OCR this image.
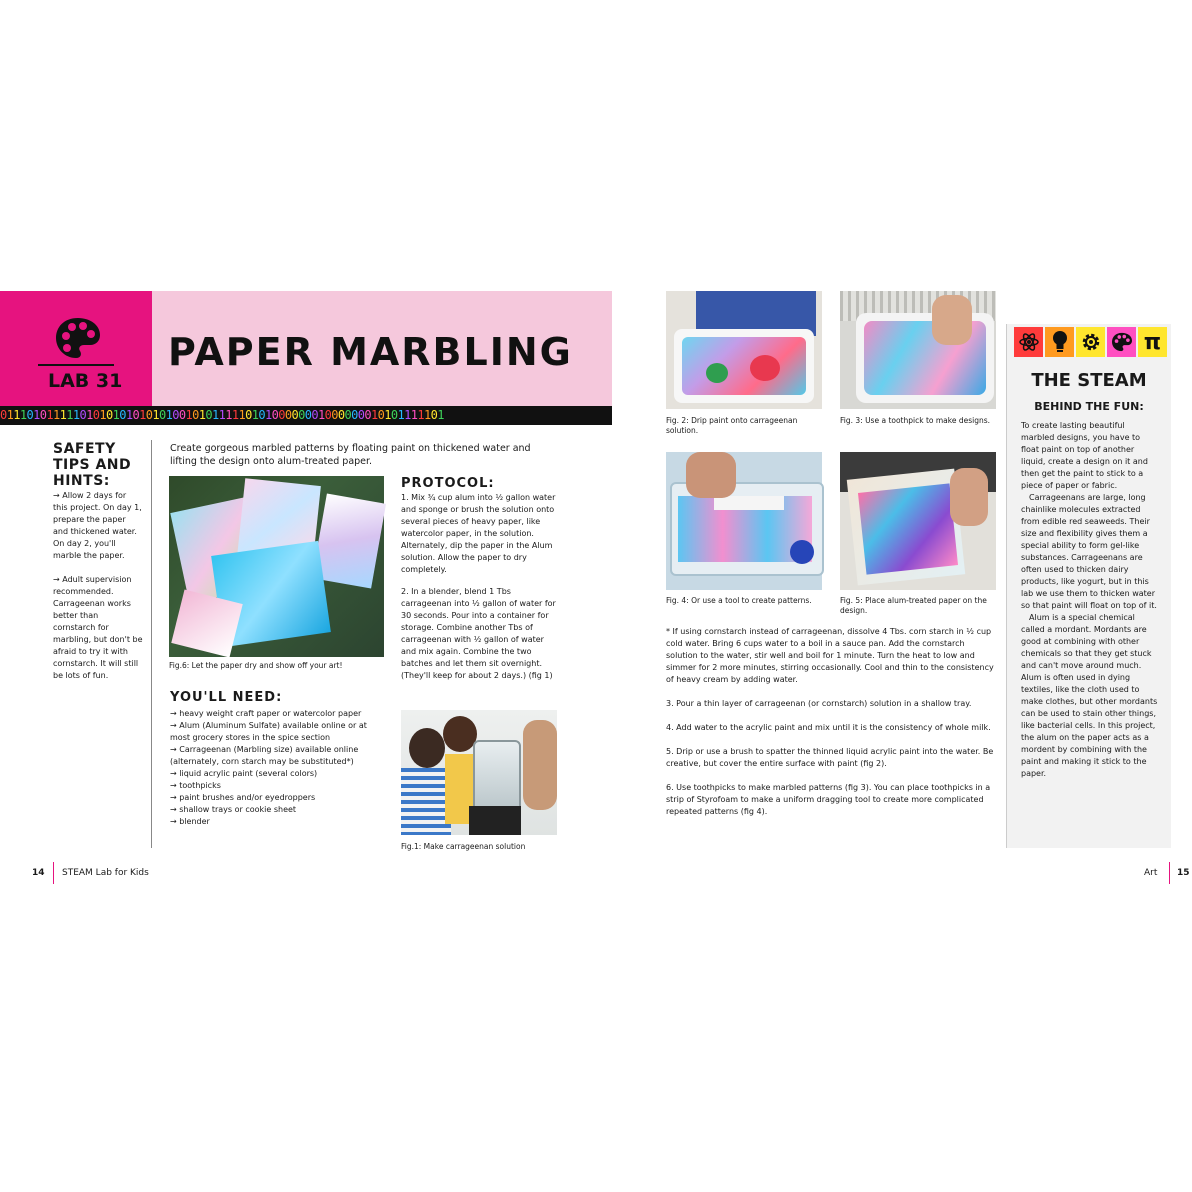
LAB 31
PAPER MARBLING
0111010111110101010101010100101011111010100000001000000010101111101
SAFETY TIPS AND HINTS:

→ Allow 2 days for this project. On day 1, prepare the paper and thickened water. On day 2, you'll marble the paper.

→ Adult supervision recommended. Carrageenan works better than cornstarch for marbling, but don't be afraid to try it with cornstarch. It will still be lots of fun.

Create gorgeous marbled patterns by floating paint on thickened water and lifting the design onto alum-treated paper.
Fig.6: Let the paper dry and show off your art!
YOU'LL NEED:
→ heavy weight craft paper or watercolor paper
→ Alum (Aluminum Sulfate) available online or at most grocery stores in the spice section
→ Carrageenan (Marbling size) available online (alternately, corn starch may be substituted*)
→ liquid acrylic paint (several colors)
→ toothpicks
→ paint brushes and/or eyedroppers
→ shallow trays or cookie sheet
→ blender
PROTOCOL:

1. Mix ¾ cup alum into ½ gallon water and sponge or brush the solution onto several pieces of heavy paper, like watercolor paper, in the solution. Alternately, dip the paper in the Alum solution. Allow the paper to dry completely.

2. In a blender, blend 1 Tbs carrageenan into ½ gallon of water for 30 seconds. Pour into a container for storage. Combine another Tbs of carrageenan with ½ gallon of water and mix again. Combine the two batches and let them sit overnight. (They'll keep for about 2 days.) (fig 1)

Fig.1: Make carrageenan solution
Fig. 2: Drip paint onto carrageenan solution.
Fig. 3: Use a toothpick to make designs.
Fig. 4: Or use a tool to create patterns.	Fig. 5: Place alum-treated paper on the design.

* If using cornstarch instead of carrageenan, dissolve 4 Tbs. corn starch in ½ cup cold water. Bring 6 cups water to a boil in a sauce pan. Add the cornstarch solution to the water, stir well and boil for 1 minute. Turn the heat to low and simmer for 2 more minutes, stirring occasionally. Cool and thin to the consistency of heavy cream by adding water.

3. Pour a thin layer of carrageenan (or cornstarch) solution in a shallow tray.

4. Add water to the acrylic paint and mix until it is the consistency of whole milk.

5. Drip or use a brush to spatter the thinned liquid acrylic paint into the water. Be creative, but cover the entire surface with paint (fig 2).

6. Use toothpicks to make marbled patterns (fig 3). You can place toothpicks in a strip of Styrofoam to make a uniform dragging tool to create more complicated repeated patterns (fig 4).

π
THE STEAM
BEHIND THE FUN:

To create lasting beautiful marbled designs, you have to float paint on top of another liquid, create a design on it and then get the paint to stick to a piece of paper or fabric.

Carrageenans are large, long chainlike molecules extracted from edible red seaweeds. Their size and flexibility gives them a special ability to form gel-like substances. Carrageenans are often used to thicken dairy products, like yogurt, but in this lab we use them to thicken water so that paint will float on top of it.

Alum is a special chemical called a mordant. Mordants are good at combining with other chemicals so that they get stuck and can't move around much. Alum is often used in dying textiles, like the cloth used to make clothes, but other mordants can be used to stain other things, like bacterial cells. In this project, the alum on the paper acts as a mordent by combining with the paint and making it stick to the paper.

14 STEAM Lab for Kids	Art 15
